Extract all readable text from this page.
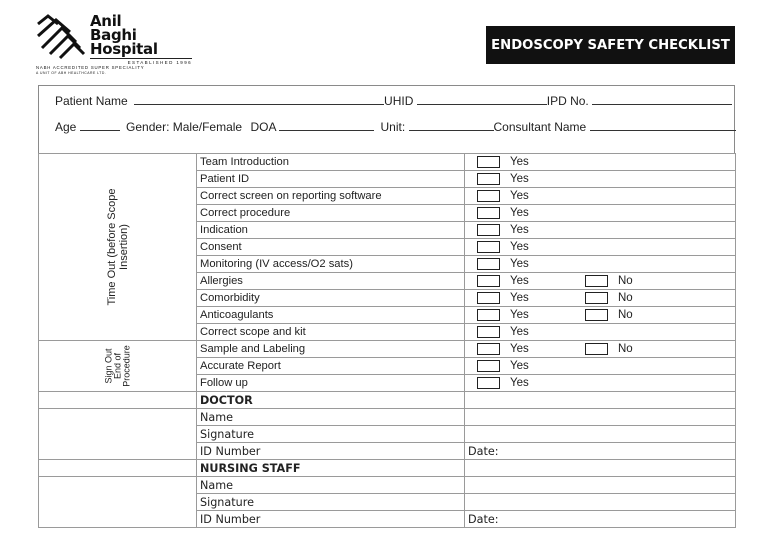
Anil
Baghi
Hospital
ESTABLISHED 1996
NABH ACCREDITED SUPER SPECIALITY
A UNIT OF ABH HEALTHCARE LTD.
ENDOSCOPY SAFETY CHECKLIST
Patient Name	UHID	IPD No.
Age	Gender: Male/Female DOA	Unit:	Consultant Name
Time Out (before Scope Insertion)	Team Introduction	Yes

	Patient ID	Yes

	Correct screen on reporting software	Yes

	Correct procedure	Yes

	Indication	Yes

	Consent	Yes

	Monitoring (IV access/O2 sats)	Yes

	Allergies	Yes No

	Comorbidity	Yes No

	Anticoagulants	Yes No

	Correct scope and kit	Yes

Sign Out End of Procedure	Sample and Labeling	Yes No

	Accurate Report	Yes

	Follow up	Yes

	DOCTOR	
	Name	
	Signature	
	ID Number	Date:
	NURSING STAFF	
	Name	
	Signature	
	ID Number	Date:
